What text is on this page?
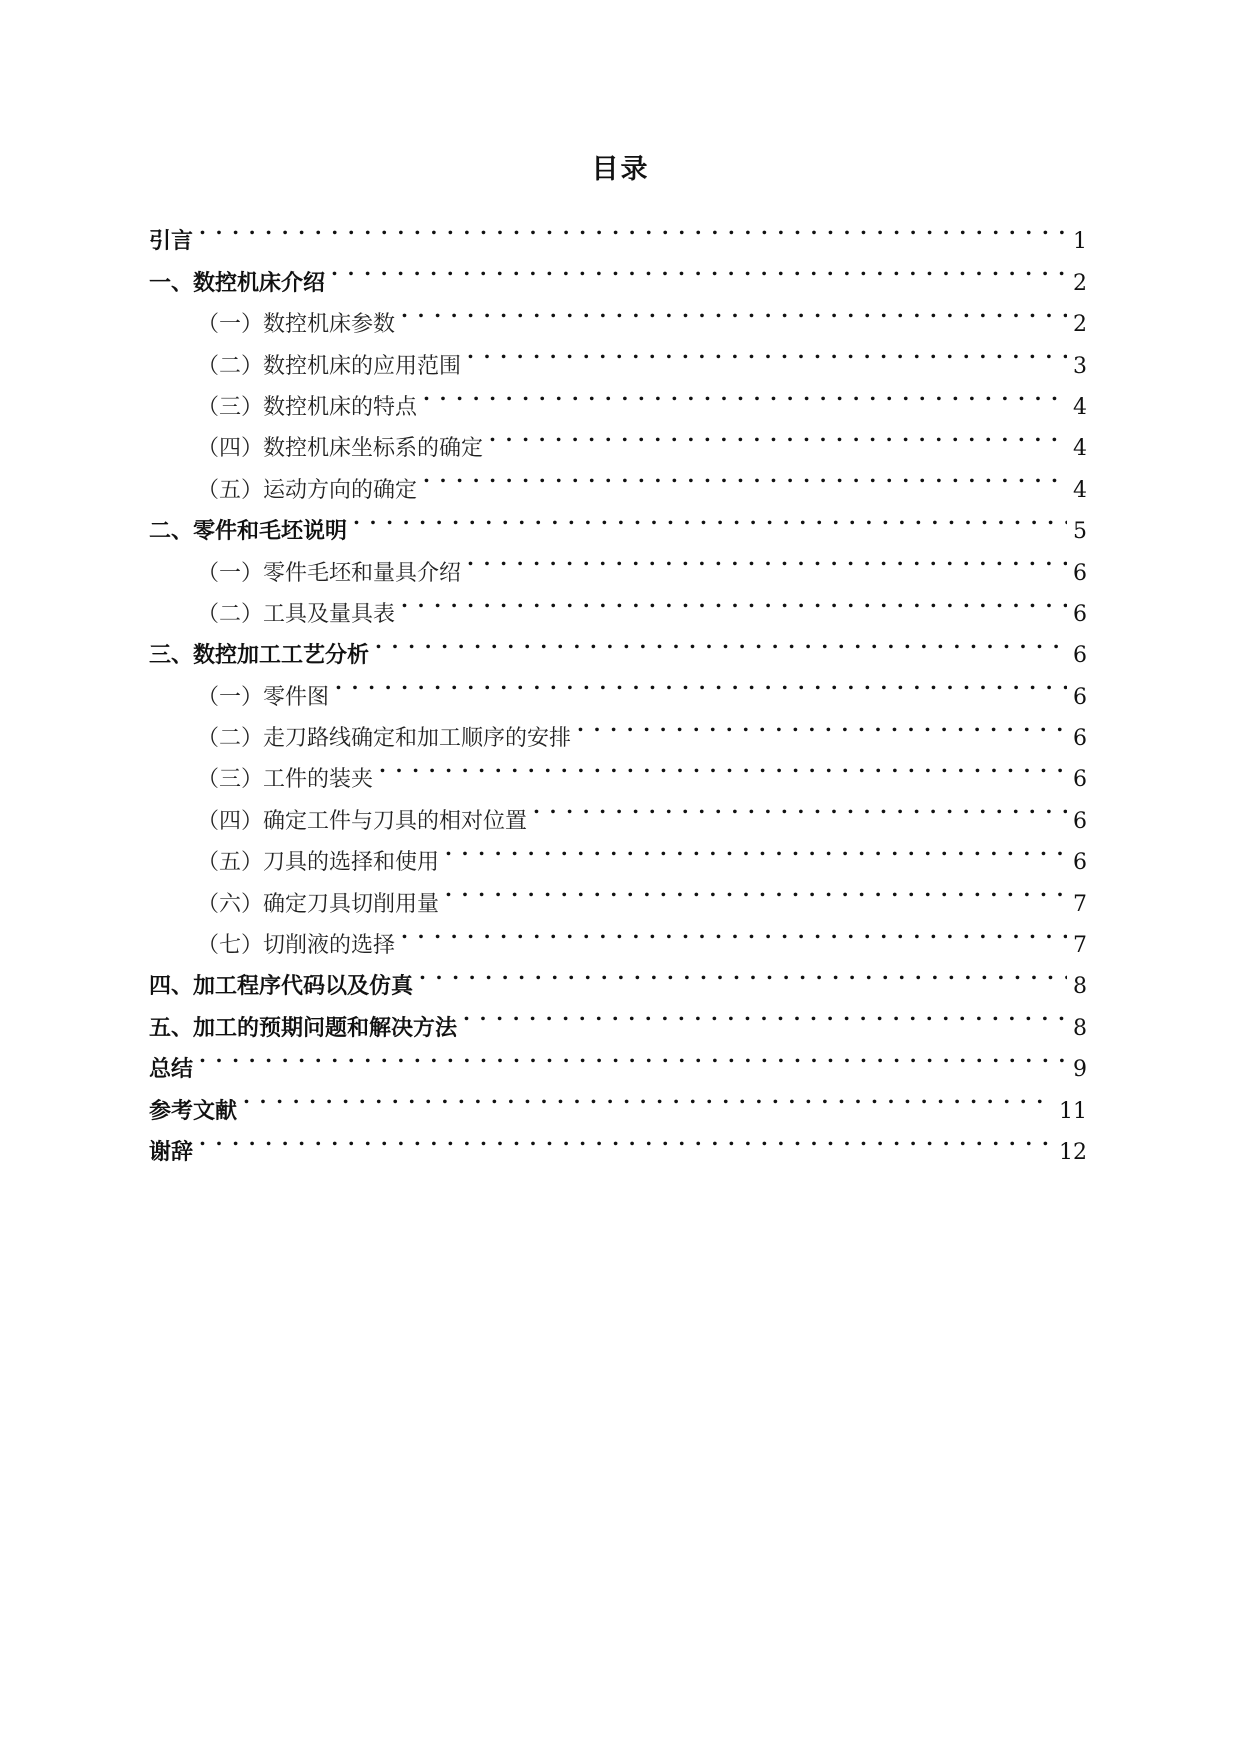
目录
引言 . . .	1
一、数控机床介绍 . . .	2
（一）数控机床参数 . . .	2
（二）数控机床的应用范围 . . .	3
（三）数控机床的特点 . . .	4
（四）数控机床坐标系的确定 . . .	4
（五）运动方向的确定 . . .	4
二、零件和毛坯说明 . . .	5
（一）零件毛坯和量具介绍 . . .	6
（二）工具及量具表 . . .	6
三、数控加工工艺分析 . . .	6
（一）零件图 . . .	6
（二）走刀路线确定和加工顺序的安排 . . .	6
（三）工件的装夹 . . .	6
（四）确定工件与刀具的相对位置 . . .	6
（五）刀具的选择和使用 . . .	6
（六）确定刀具切削用量 . . .	7
（七）切削液的选择 . . .	7
四、加工程序代码以及仿真 . . .	8
五、加工的预期问题和解决方法 . . .	8
总结 . . .	9
参考文献 . . .	11
谢辞 . . .	12
